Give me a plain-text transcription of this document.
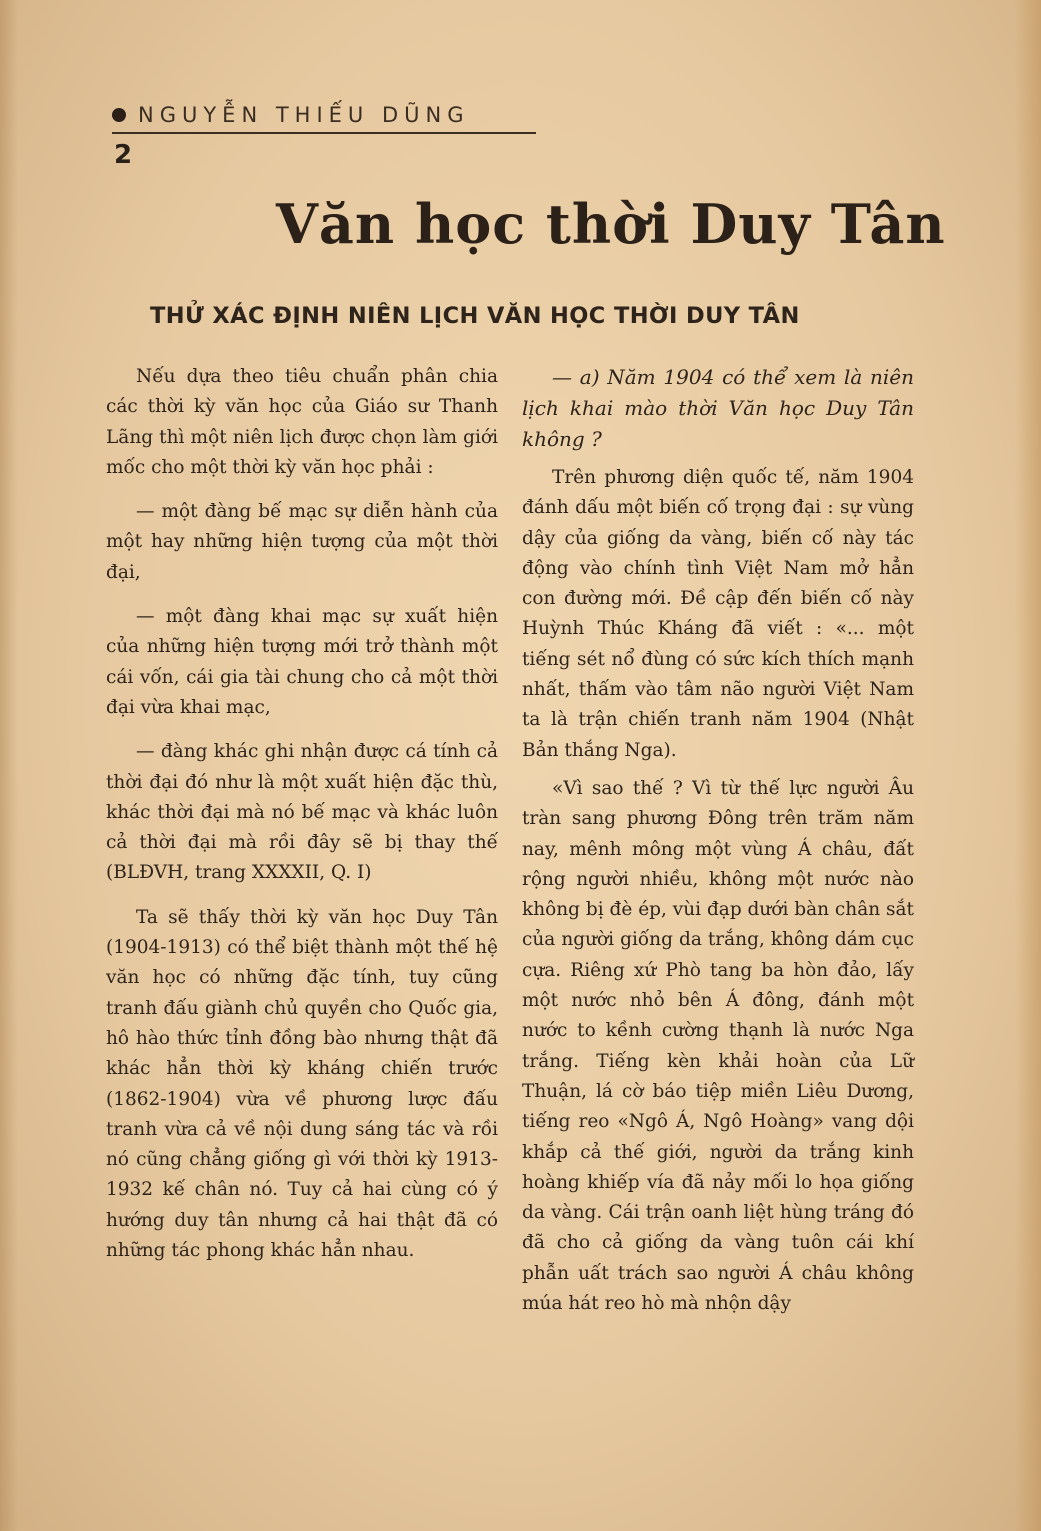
NGUYỄN THIẾU DŨNG
2
Văn học thời Duy Tân
THỬ XÁC ĐỊNH NIÊN LỊCH VĂN HỌC THỜI DUY TÂN

Nếu dựa theo tiêu chuẩn phân chia các thời kỳ văn học của Giáo sư Thanh Lãng thì một niên lịch được chọn làm giới mốc cho một thời kỳ văn học phải :

— một đàng bế mạc sự diễn hành của một hay những hiện tượng của một thời đại,

— một đàng khai mạc sự xuất hiện của những hiện tượng mới trở thành một cái vốn, cái gia tài chung cho cả một thời đại vừa khai mạc,

— đàng khác ghi nhận được cá tính cả thời đại đó như là một xuất hiện đặc thù, khác thời đại mà nó bế mạc và khác luôn cả thời đại mà rồi đây sẽ bị thay thế (BLĐVH, trang XXXXII, Q. I)

Ta sẽ thấy thời kỳ văn học Duy Tân (1904-1913) có thể biệt thành một thế hệ văn học có những đặc tính, tuy cũng tranh đấu giành chủ quyền cho Quốc gia, hô hào thức tỉnh đồng bào nhưng thật đã khác hẳn thời kỳ kháng chiến trước (1862-1904) vừa về phương lược đấu tranh vừa cả về nội dung sáng tác và rồi nó cũng chẳng giống gì với thời kỳ 1913-1932 kế chân nó. Tuy cả hai cùng có ý hướng duy tân nhưng cả hai thật đã có những tác phong khác hẳn nhau.

— a) Năm 1904 có thể xem là niên lịch khai mào thời Văn học Duy Tân không ?

Trên phương diện quốc tế, năm 1904 đánh dấu một biến cố trọng đại : sự vùng dậy của giống da vàng, biến cố này tác động vào chính tình Việt Nam mở hẳn con đường mới. Đề cập đến biến cố này Huỳnh Thúc Kháng đã viết : «... một tiếng sét nổ đùng có sức kích thích mạnh nhất, thấm vào tâm não người Việt Nam ta là trận chiến tranh năm 1904 (Nhật Bản thắng Nga).

«Vì sao thế ? Vì từ thế lực người Âu tràn sang phương Đông trên trăm năm nay, mênh mông một vùng Á châu, đất rộng người nhiều, không một nước nào không bị đè ép, vùi đạp dưới bàn chân sắt của người giống da trắng, không dám cục cựa. Riêng xứ Phò tang ba hòn đảo, lấy một nước nhỏ bên Á đông, đánh một nước to kềnh cường thạnh là nước Nga trắng. Tiếng kèn khải hoàn của Lữ Thuận, lá cờ báo tiệp miền Liêu Dương, tiếng reo «Ngô Á, Ngô Hoàng» vang dội khắp cả thế giới, người da trắng kinh hoàng khiếp vía đã nảy mối lo họa giống da vàng. Cái trận oanh liệt hùng tráng đó đã cho cả giống da vàng tuôn cái khí phẫn uất trách sao người Á châu không múa hát reo hò mà nhộn dậy
